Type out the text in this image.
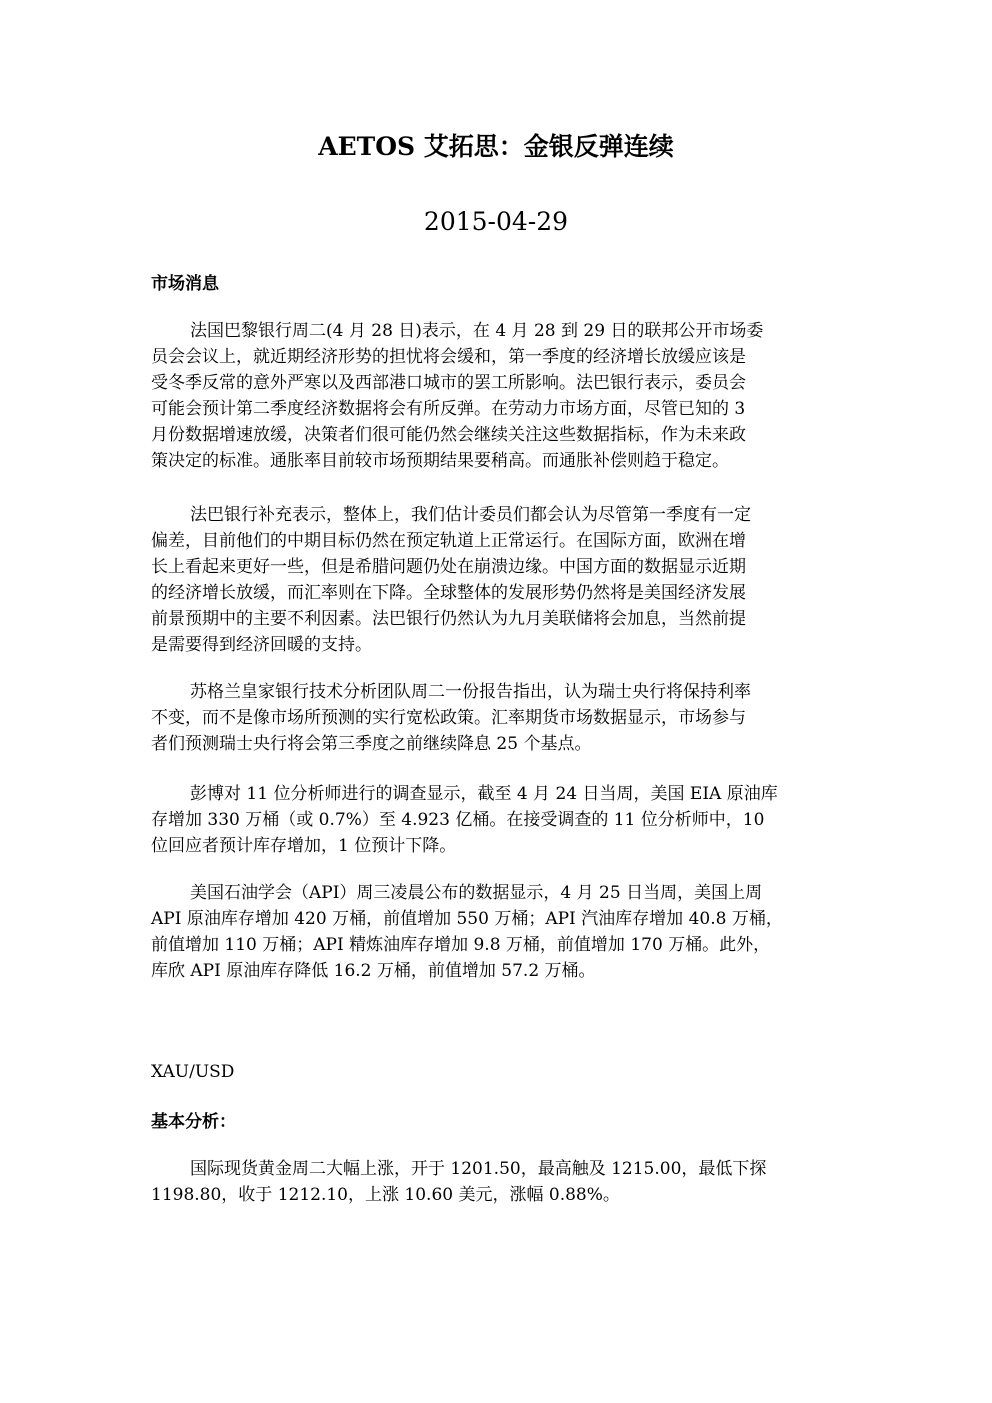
AETOS 艾拓思：金银反弹连续
2015-04-29
市场消息
法国巴黎银行周二(4 月 28 日)表示，在 4 月 28 到 29 日的联邦公开市场委
员会会议上，就近期经济形势的担忧将会缓和，第一季度的经济增长放缓应该是
受冬季反常的意外严寒以及西部港口城市的罢工所影响。法巴银行表示，委员会
可能会预计第二季度经济数据将会有所反弹。在劳动力市场方面，尽管已知的 3
月份数据增速放缓，决策者们很可能仍然会继续关注这些数据指标，作为未来政
策决定的标准。通胀率目前较市场预期结果要稍高。而通胀补偿则趋于稳定。
法巴银行补充表示，整体上，我们估计委员们都会认为尽管第一季度有一定
偏差，目前他们的中期目标仍然在预定轨道上正常运行。在国际方面，欧洲在增
长上看起来更好一些，但是希腊问题仍处在崩溃边缘。中国方面的数据显示近期
的经济增长放缓，而汇率则在下降。全球整体的发展形势仍然将是美国经济发展
前景预期中的主要不利因素。法巴银行仍然认为九月美联储将会加息，当然前提
是需要得到经济回暖的支持。
苏格兰皇家银行技术分析团队周二一份报告指出，认为瑞士央行将保持利率
不变，而不是像市场所预测的实行宽松政策。汇率期货市场数据显示，市场参与
者们预测瑞士央行将会第三季度之前继续降息 25 个基点。
彭博对 11 位分析师进行的调查显示，截至 4 月 24 日当周，美国 EIA 原油库
存增加 330 万桶（或 0.7%）至 4.923 亿桶。在接受调查的 11 位分析师中，10
位回应者预计库存增加，1 位预计下降。
美国石油学会（API）周三凌晨公布的数据显示，4 月 25 日当周，美国上周
API 原油库存增加 420 万桶，前值增加 550 万桶；API 汽油库存增加 40.8 万桶，
前值增加 110 万桶；API 精炼油库存增加 9.8 万桶，前值增加 170 万桶。此外，
库欣 API 原油库存降低 16.2 万桶，前值增加 57.2 万桶。
XAU/USD
基本分析：
国际现货黄金周二大幅上涨，开于 1201.50，最高触及 1215.00，最低下探
1198.80，收于 1212.10，上涨 10.60 美元，涨幅 0.88%。
